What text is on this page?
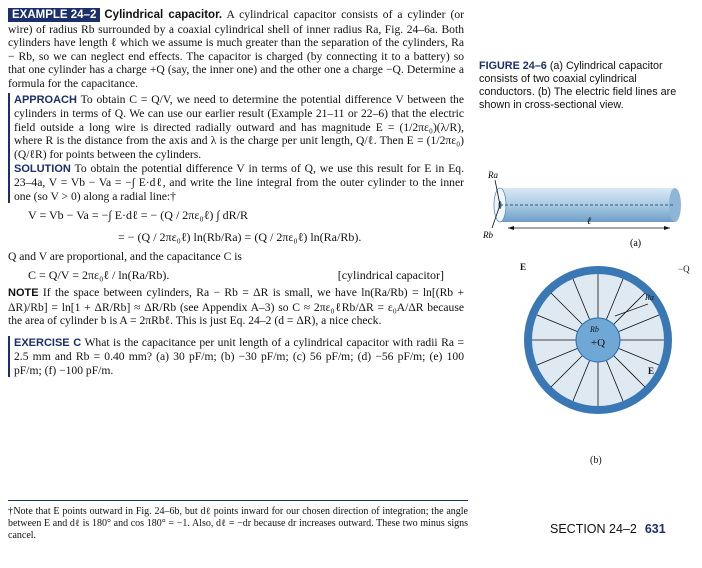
EXAMPLE 24–2 Cylindrical capacitor. A cylindrical capacitor consists of a cylinder (or wire) of radius Rb surrounded by a coaxial cylindrical shell of inner radius Ra, Fig. 24–6a. Both cylinders have length ℓ which we assume is much greater than the separation of the cylinders, Ra − Rb, so we can neglect end effects. The capacitor is charged (by connecting it to a battery) so that one cylinder has a charge +Q (say, the inner one) and the other one a charge −Q. Determine a formula for the capacitance.

APPROACH To obtain C = Q/V, we need to determine the potential difference V between the cylinders in terms of Q. We can use our earlier result (Example 21–11 or 22–6) that the electric field outside a long wire is directed radially outward and has magnitude E = (1/2πε₀)(λ/R), where R is the distance from the axis and λ is the charge per unit length, Q/ℓ. Then E = (1/2πε₀)(Q/ℓR) for points between the cylinders.

SOLUTION To obtain the potential difference V in terms of Q, we use this result for E in Eq. 23–4a, V = Vb − Va = −∫ E·dℓ, and write the line integral from the outer cylinder to the inner one (so V > 0) along a radial line:†

V = Vb − Va = −∫ E·dℓ = − (Q / 2πε₀ℓ) ∫ dR/R

= − (Q / 2πε₀ℓ) ln(Rb/Ra) = (Q / 2πε₀ℓ) ln(Ra/Rb).

Q and V are proportional, and the capacitance C is

C = Q/V = 2πε₀ℓ / ln(Ra/Rb).	[cylindrical capacitor]

NOTE If the space between cylinders, Ra − Rb = ΔR is small, we have ln(Ra/Rb) = ln[(Rb + ΔR)/Rb] = ln[1 + ΔR/Rb] ≈ ΔR/Rb (see Appendix A–3) so C ≈ 2πε₀ℓRb/ΔR = ε₀A/ΔR because the area of cylinder b is A = 2πRbℓ. This is just Eq. 24–2 (d = ΔR), a nice check.

EXERCISE C What is the capacitance per unit length of a cylindrical capacitor with radii Ra = 2.5 mm and Rb = 0.40 mm? (a) 30 pF/m; (b) −30 pF/m; (c) 56 pF/m; (d) −56 pF/m; (e) 100 pF/m; (f) −100 pF/m.

†Note that E points outward in Fig. 24–6b, but dℓ points inward for our chosen direction of integration; the angle between E and dℓ is 180° and cos 180° = −1. Also, dℓ = −dr because dr increases outward. These two minus signs cancel.
FIGURE 24–6 (a) Cylindrical capacitor consists of two coaxial cylindrical conductors. (b) The electric field lines are shown in cross-sectional view.
Ra
Rb
ℓ
(a)
+Q
Rb
Ra
−Q
E
E
(b)
SECTION 24–2 631
